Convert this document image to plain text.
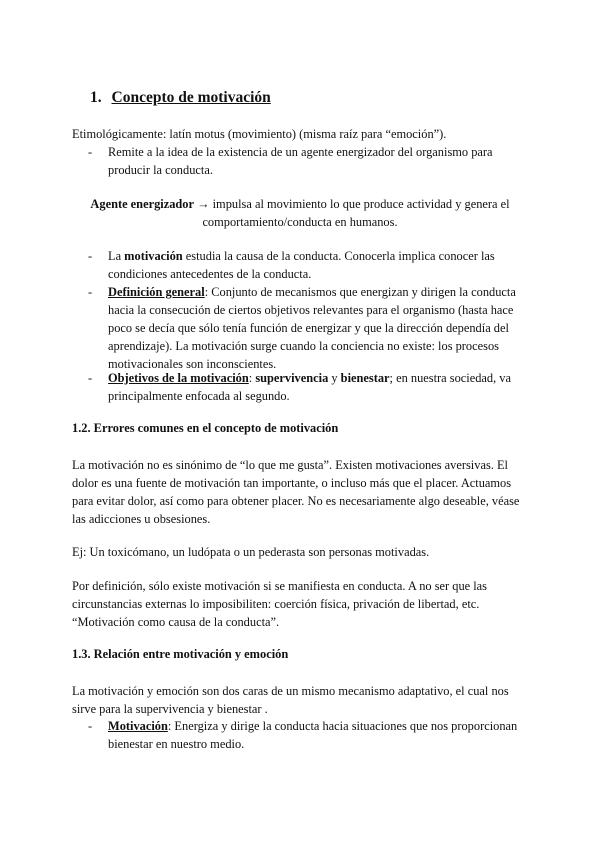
1. Concepto de motivación
Etimológicamente: latín motus (movimiento) (misma raíz para “emoción”).
- Remite a la idea de la existencia de un agente energizador del organismo para producir la conducta.
Agente energizador → impulsa al movimiento lo que produce actividad y genera el comportamiento/conducta en humanos.
- La motivación estudia la causa de la conducta. Conocerla implica conocer las condiciones antecedentes de la conducta.
- Definición general: Conjunto de mecanismos que energizan y dirigen la conducta hacia la consecución de ciertos objetivos relevantes para el organismo (hasta hace poco se decía que sólo tenía función de energizar y que la dirección dependía del aprendizaje). La motivación surge cuando la conciencia no existe: los procesos motivacionales son inconscientes.
- Objetivos de la motivación: supervivencia y bienestar; en nuestra sociedad, va principalmente enfocada al segundo.
1.2. Errores comunes en el concepto de motivación
La motivación no es sinónimo de “lo que me gusta”. Existen motivaciones aversivas. El dolor es una fuente de motivación tan importante, o incluso más que el placer. Actuamos para evitar dolor, así como para obtener placer. No es necesariamente algo deseable, véase las adicciones u obsesiones.
Ej: Un toxicómano, un ludópata o un pederasta son personas motivadas.
Por definición, sólo existe motivación si se manifiesta en conducta. A no ser que las circunstancias externas lo imposibiliten: coerción física, privación de libertad, etc. “Motivación como causa de la conducta”.
1.3. Relación entre motivación y emoción
La motivación y emoción son dos caras de un mismo mecanismo adaptativo, el cual nos sirve para la supervivencia y bienestar .
- Motivación: Energiza y dirige la conducta hacia situaciones que nos proporcionan bienestar en nuestro medio.
